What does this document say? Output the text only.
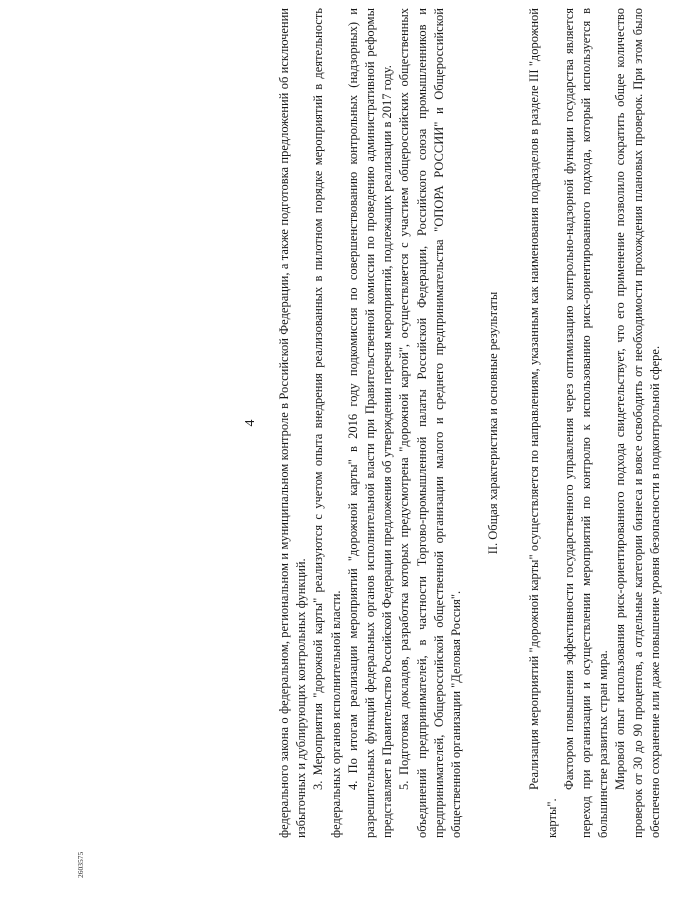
4 федерального закона о федеральном, региональном и муниципальном контроле в Российской Федерации, а также подготовка предложений об исключении избыточных и дублирующих контрольных функций. 3. Мероприятия "дорожной карты" реализуются с учетом опыта внедрения реализованных в пилотном порядке мероприятий в деятельность федеральных органов исполнительной власти. 4. По итогам реализации мероприятий "дорожной карты" в 2016 году подкомиссия по совершенствованию контрольных (надзорных) и разрешительных функций федеральных органов исполнительной власти при Правительственной комиссии по проведению административной реформы представляет в Правительство Российской Федерации предложения об утверждении перечня мероприятий, подлежащих реализации в 2017 году. 5. Подготовка докладов, разработка которых предусмотрена "дорожной картой", осуществляется с участием общероссийских общественных объединений предпринимателей, в частности Торгово-промышленной палаты Российской Федерации, Российского союза промышленников и предпринимателей, Общероссийской общественной организации малого и среднего предпринимательства "ОПОРА РОССИИ" и Общероссийской общественной организации "Деловая Россия".

II. Общая характеристика и основные результаты Реализация мероприятий "дорожной карты" осуществляется по направлениям, указанным как наименования подразделов в разделе III "дорожной карты".

Фактором повышения эффективности государственного управления через оптимизацию контрольно-надзорной функции государства является переход при организации и осуществлении мероприятий по контролю к использованию риск-ориентированного подхода, который используется в большинстве развитых стран мира. Мировой опыт использования риск-ориентированного подхода свидетельствует, что его применение позволило сократить общее количество проверок от 30 до 90 процентов, а отдельные категории бизнеса и вовсе освободить от необходимости прохождения плановых проверок. При этом было обеспечено сохранение или даже повышение уровня безопасности в подконтрольной сфере.

2603575
